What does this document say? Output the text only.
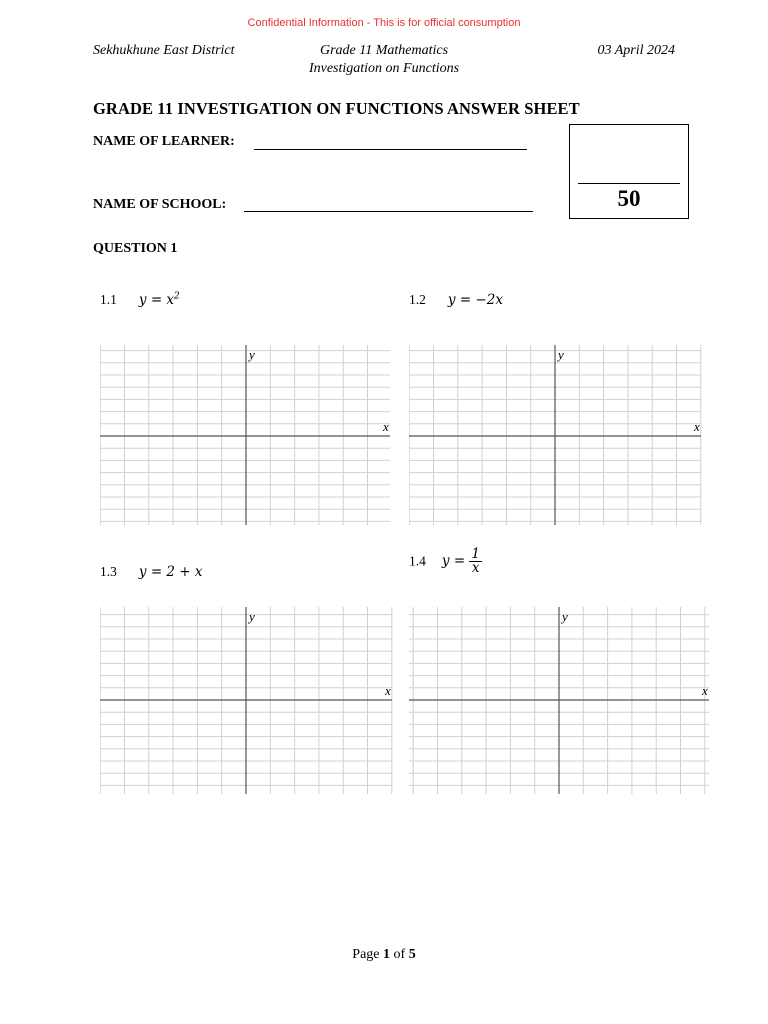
Confidential Information - This is for official consumption
Sekhukhune East District	Grade 11 Mathematics
Investigation on Functions
03 April 2024
GRADE 11 INVESTIGATION ON FUNCTIONS ANSWER SHEET
NAME OF LEARNER:
NAME OF SCHOOL:	50
QUESTION 1
1.1 $y = x^2$	1.2 y = −2x
1.3 y = 2 + x
1.4 $y = \frac{1}{x}$
x
y
x
y
x
y
x
y
Page 1 of 5
